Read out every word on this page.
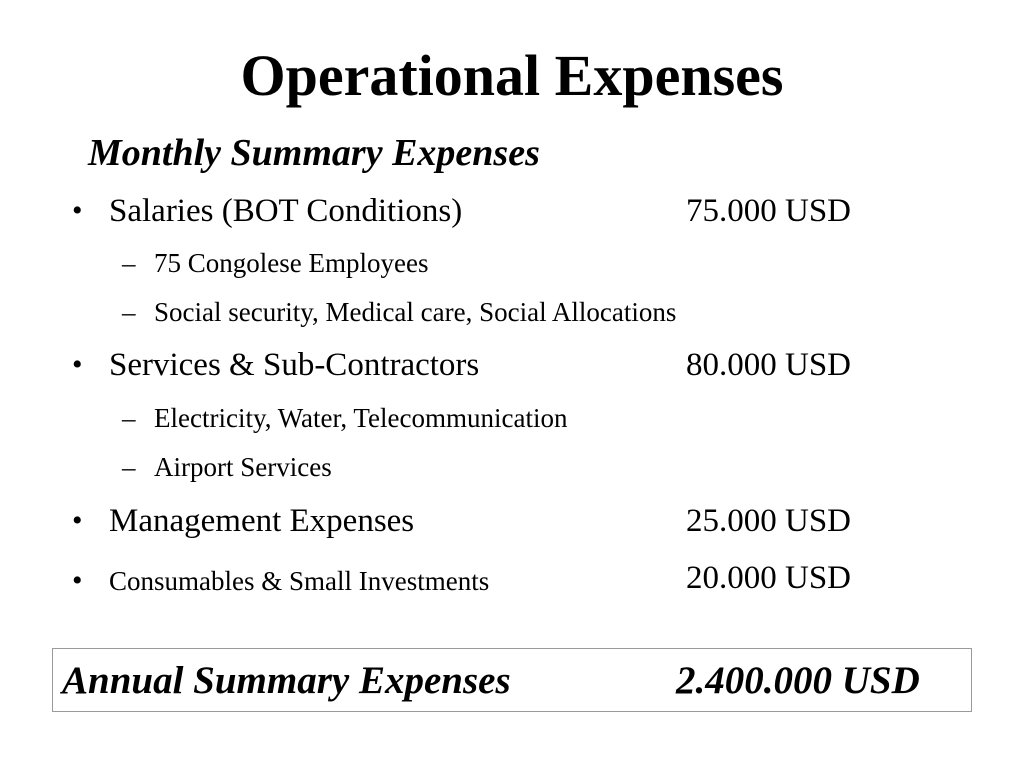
Operational Expenses
Monthly Summary Expenses
• Salaries (BOT Conditions)	75.000 USD
– 75 Congolese Employees
– Social security, Medical care, Social Allocations
• Services & Sub-Contractors	80.000 USD
– Electricity, Water, Telecommunication
– Airport Services
• Management Expenses	25.000 USD
• Consumables & Small Investments	20.000 USD
Annual Summary Expenses	2.400.000 USD
